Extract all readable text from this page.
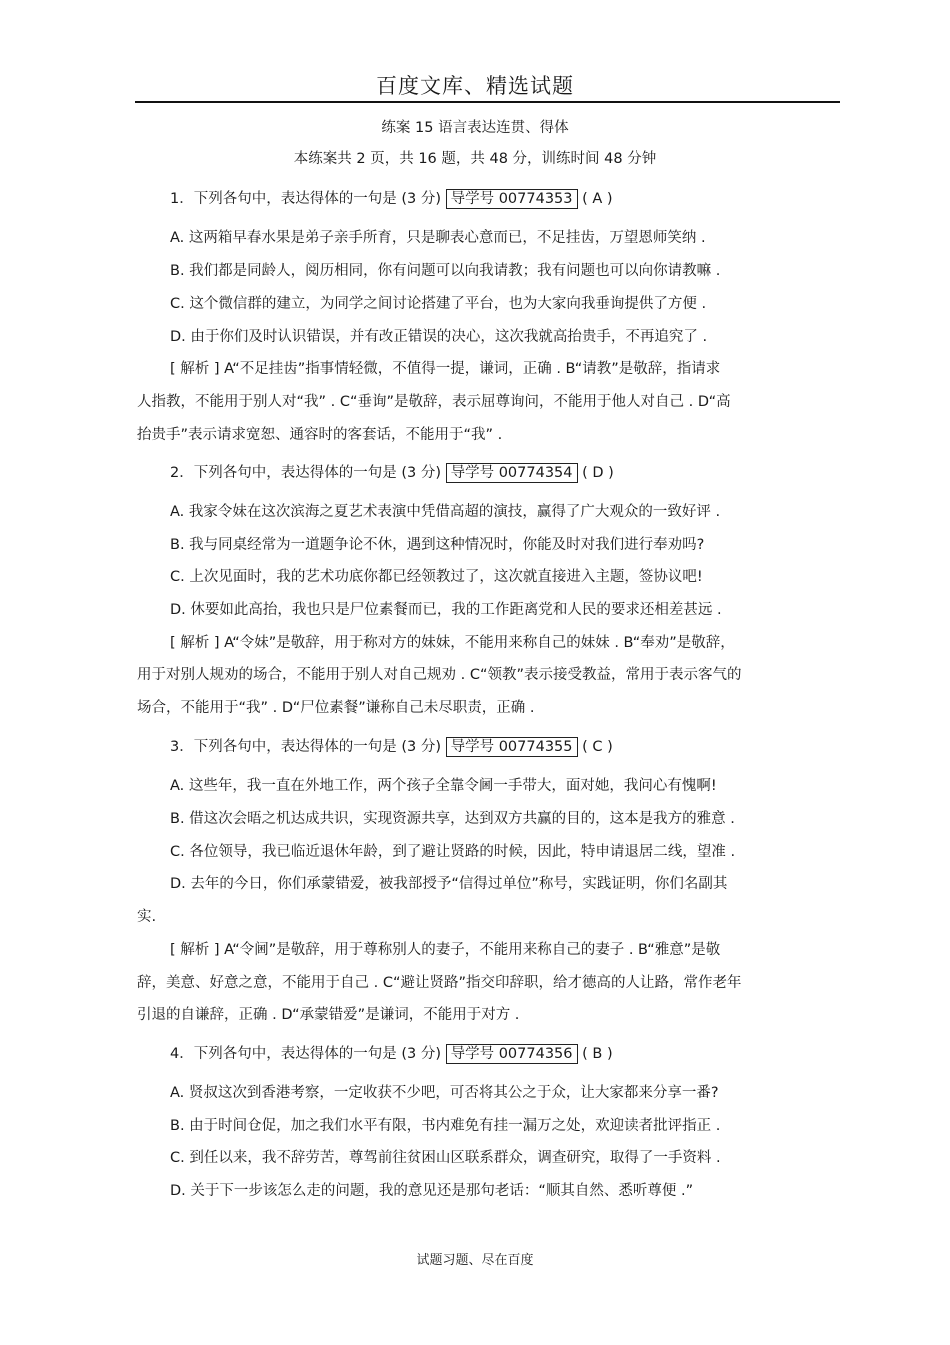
百度文库、精选试题
练案 15 语言表达连贯、得体
本练案共 2 页，共 16 题，共 48 分，训练时间 48 分钟
1．下列各句中，表达得体的一句是 (3 分) 导学号 00774353 ( A )
A. 这两箱早春水果是弟子亲手所育，只是聊表心意而已，不足挂齿，万望恩师笑纳 .
B. 我们都是同龄人，阅历相同，你有问题可以向我请教；我有问题也可以向你请教嘛 .
C. 这个微信群的建立，为同学之间讨论搭建了平台，也为大家向我垂询提供了方便 .
D. 由于你们及时认识错误，并有改正错误的决心，这次我就高抬贵手，不再追究了 .
[ 解析 ] A“不足挂齿”指事情轻微，不值得一提，谦词，正确 . B“请教”是敬辞，指请求
人指教，不能用于别人对“我” . C“垂询”是敬辞，表示屈尊询问，不能用于他人对自己 . D“高
抬贵手”表示请求宽恕、通容时的客套话，不能用于“我” .
2．下列各句中，表达得体的一句是 (3 分) 导学号 00774354 ( D )
A. 我家令妹在这次滨海之夏艺术表演中凭借高超的演技，赢得了广大观众的一致好评 .
B. 我与同桌经常为一道题争论不休，遇到这种情况时，你能及时对我们进行奉劝吗?
C. 上次见面时，我的艺术功底你都已经领教过了，这次就直接进入主题，签协议吧!
D. 休要如此高抬，我也只是尸位素餐而已，我的工作距离党和人民的要求还相差甚远 .
[ 解析 ] A“令妹”是敬辞，用于称对方的妹妹，不能用来称自己的妹妹 . B“奉劝”是敬辞，
用于对别人规劝的场合，不能用于别人对自己规劝 . C“领教”表示接受教益，常用于表示客气的
场合，不能用于“我” . D“尸位素餐”谦称自己未尽职责，正确 .
3．下列各句中，表达得体的一句是 (3 分) 导学号 00774355 ( C )
A. 这些年，我一直在外地工作，两个孩子全靠令阃一手带大，面对她，我问心有愧啊!
B. 借这次会晤之机达成共识，实现资源共享，达到双方共赢的目的，这本是我方的雅意 .
C. 各位领导，我已临近退休年龄，到了避让贤路的时候，因此，特申请退居二线，望准 .
D. 去年的今日，你们承蒙错爱，被我部授予“信得过单位”称号，实践证明，你们名副其
实.
[ 解析 ] A“令阃”是敬辞，用于尊称别人的妻子，不能用来称自己的妻子 . B“雅意”是敬
辞，美意、好意之意，不能用于自己 . C“避让贤路”指交印辞职，给才德高的人让路，常作老年
引退的自谦辞，正确 . D“承蒙错爱”是谦词，不能用于对方 .
4．下列各句中，表达得体的一句是 (3 分) 导学号 00774356 ( B )
A. 贤叔这次到香港考察，一定收获不少吧，可否将其公之于众，让大家都来分享一番?
B. 由于时间仓促，加之我们水平有限，书内难免有挂一漏万之处，欢迎读者批评指正 .
C. 到任以来，我不辞劳苦，尊驾前往贫困山区联系群众，调查研究，取得了一手资料 .
D. 关于下一步该怎么走的问题，我的意见还是那句老话：“顺其自然、悉听尊便 .”
试题习题、尽在百度
